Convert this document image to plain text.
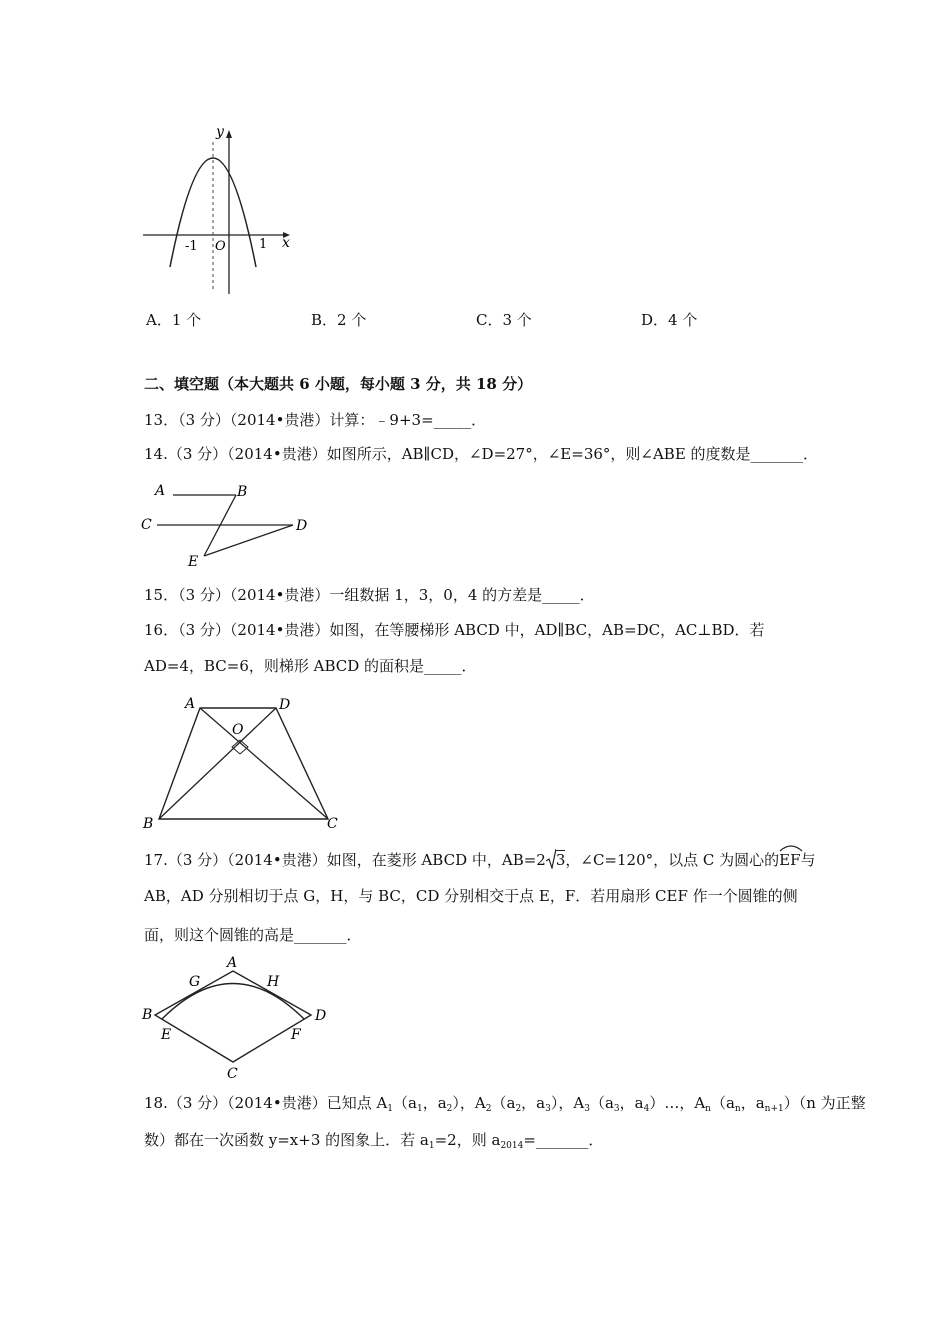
y
x
-1 O	1
A．1 个	B．2 个	C．3 个	D．4 个
二、填空题（本大题共 6 小题，每小题 3 分，共 18 分）
13．（3 分）（2014•贵港）计算：﹣9+3=_____．
14.（3 分）（2014•贵港）如图所示，AB∥CD，∠D=27°，∠E=36°，则∠ABE 的度数是_______．
A	B
C	D
E
15．（3 分）（2014•贵港）一组数据 1，3，0，4 的方差是_____．
16．（3 分）（2014•贵港）如图，在等腰梯形 ABCD 中，AD∥BC，AB=DC，AC⊥BD．若
AD=4，BC=6，则梯形 ABCD 的面积是_____．
A	D
O
B	C
17.（3 分）（2014•贵港）如图，在菱形 ABCD 中，AB=2 3，∠C=120°，以点 C 为圆心的
EF与
AB，AD 分别相切于点 G，H，与 BC，CD 分别相交于点 E，F．若用扇形 CEF 作一个圆锥的侧
面，则这个圆锥的高是_______．
A
G	H
B	D
E	F
C
18.（3 分）（2014•贵港）已知点 $A_1(a_1$，$a_2$），$A_2(a_2$，$a_3$），$A_3(a_3$，$a_4)\dots$，$A_n(a_n$，$a_{n+1})(n$ 为正整
数）都在一次函数 y=x+3 的图象上．若 $a_1=2$，则 $a_{2014}=\_\_\_\_\_\_\_$．
